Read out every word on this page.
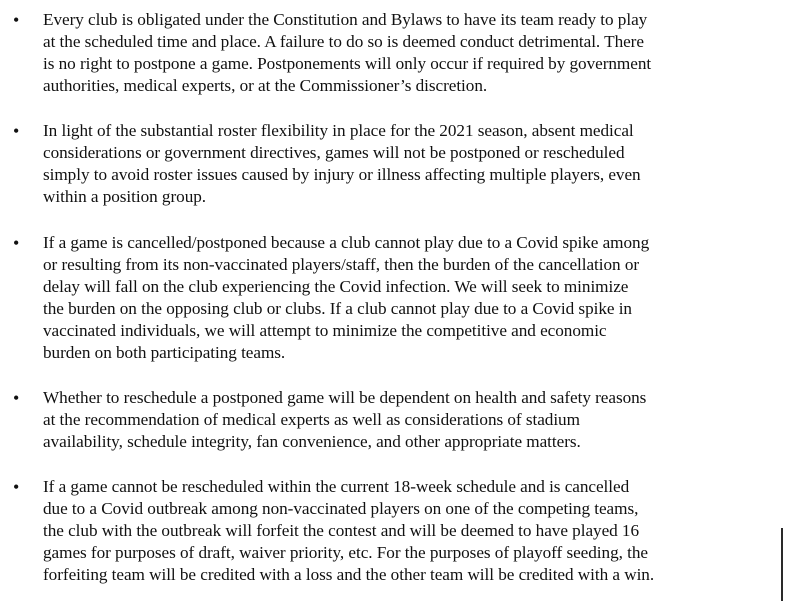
• Every club is obligated under the Constitution and Bylaws to have its team ready to play
at the scheduled time and place. A failure to do so is deemed conduct detrimental. There
is no right to postpone a game. Postponements will only occur if required by government
authorities, medical experts, or at the Commissioner’s discretion.
• In light of the substantial roster flexibility in place for the 2021 season, absent medical
considerations or government directives, games will not be postponed or rescheduled
simply to avoid roster issues caused by injury or illness affecting multiple players, even
within a position group.
• If a game is cancelled/postponed because a club cannot play due to a Covid spike among
or resulting from its non-vaccinated players/staff, then the burden of the cancellation or
delay will fall on the club experiencing the Covid infection. We will seek to minimize
the burden on the opposing club or clubs. If a club cannot play due to a Covid spike in
vaccinated individuals, we will attempt to minimize the competitive and economic
burden on both participating teams.
• Whether to reschedule a postponed game will be dependent on health and safety reasons
at the recommendation of medical experts as well as considerations of stadium
availability, schedule integrity, fan convenience, and other appropriate matters.
• If a game cannot be rescheduled within the current 18-week schedule and is cancelled
due to a Covid outbreak among non-vaccinated players on one of the competing teams,
the club with the outbreak will forfeit the contest and will be deemed to have played 16
games for purposes of draft, waiver priority, etc. For the purposes of playoff seeding, the
forfeiting team will be credited with a loss and the other team will be credited with a win.
